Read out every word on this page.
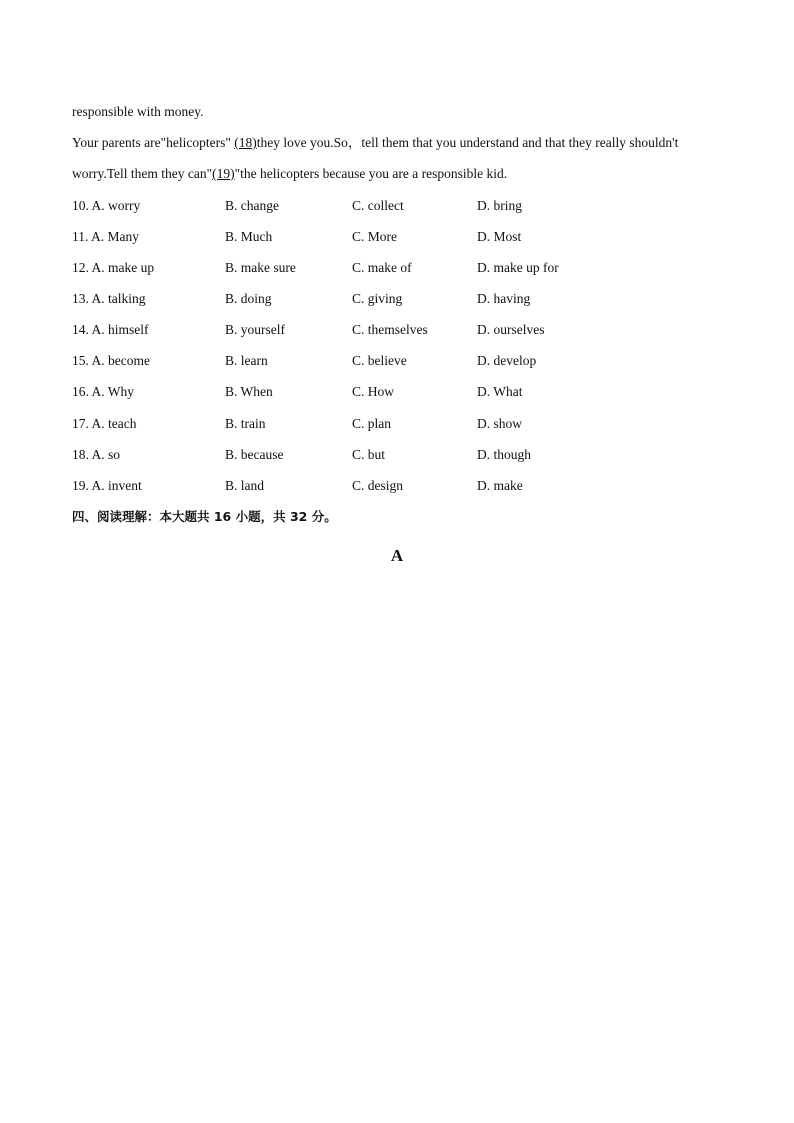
responsible with money.
Your parents are"helicopters" (18)they love you.So，tell them that you understand and that they really shouldn't
worry.Tell them they can"(19)"the helicopters because you are a responsible kid.
10. A. worry	B. change	C. collect	D. bring
11. A. Many	B. Much	C. More	D. Most
12. A. make up	B. make sure	C. make of	D. make up for
13. A. talking	B. doing	C. giving	D. having
14. A. himself	B. yourself	C. themselves	D. ourselves
15. A. become	B. learn	C. believe	D. develop
16. A. Why	B. When	C. How	D. What
17. A. teach	B. train	C. plan	D. show
18. A. so	B. because	C. but	D. though
19. A. invent	B. land	C. design	D. make
四、阅读理解：本大题共 16 小题，共 32 分。
A
